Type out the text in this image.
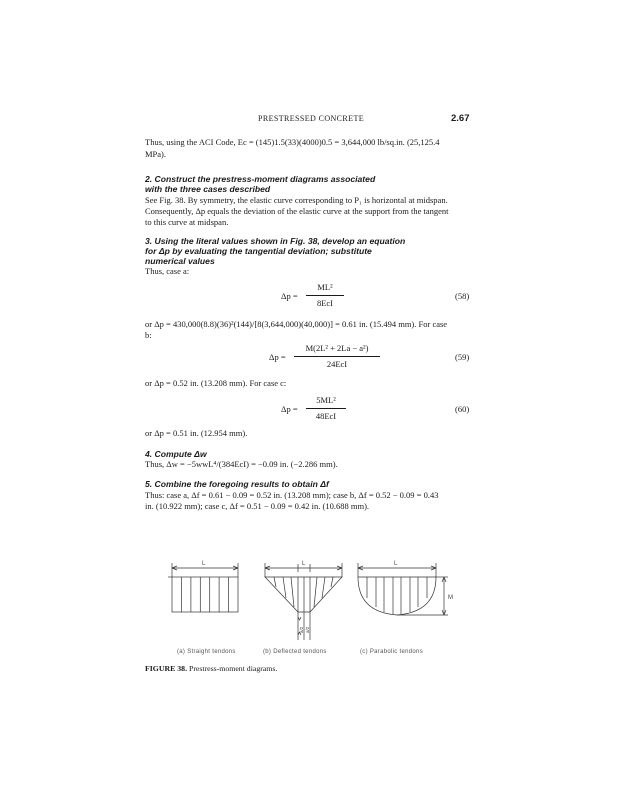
PRESTRESSED CONCRETE	2.67
Thus, using the ACI Code, Ec = (145)1.5(33)(4000)0.5 = 3,644,000 lb/sq.in. (25,125.4
MPa).
2. Construct the prestress-moment diagrams associated
with the three cases described
See Fig. 38. By symmetry, the elastic curve corresponding to P₁ is horizontal at midspan.
Consequently, Δp equals the deviation of the elastic curve at the support from the tangent
to this curve at midspan.
3. Using the literal values shown in Fig. 38, develop an equation
for Δp by evaluating the tangential deviation; substitute
numerical values
Thus, case a:
Δp =
ML²
8EcI
(58)
or Δp = 430,000(8.8)(36)²(144)/[8(3,644,000)(40,000)] = 0.61 in. (15.494 mm). For case
b:
Δp =
M(2L² + 2La − a²)
24EcI
(59)
or Δp = 0.52 in. (13.208 mm). For case c:
Δp =
5ML²
48EcI
(60)
or Δp = 0.51 in. (12.954 mm).
4. Compute Δw
Thus, Δw = −5wwL⁴/(384EcI) = −0.09 in. (−2.286 mm).
5. Combine the foregoing results to obtain Δf
Thus: case a, Δf = 0.61 − 0.09 = 0.52 in. (13.208 mm); case b, Δf = 0.52 − 0.09 = 0.43
in. (10.922 mm); case c, Δf = 0.51 − 0.09 = 0.42 in. (10.688 mm).
L	L	L
M
a/2 a/2
(a) Straight tendons	(b) Deflected tendons	(c) Parabolic tendons
FIGURE 38. Prestress-moment diagrams.
